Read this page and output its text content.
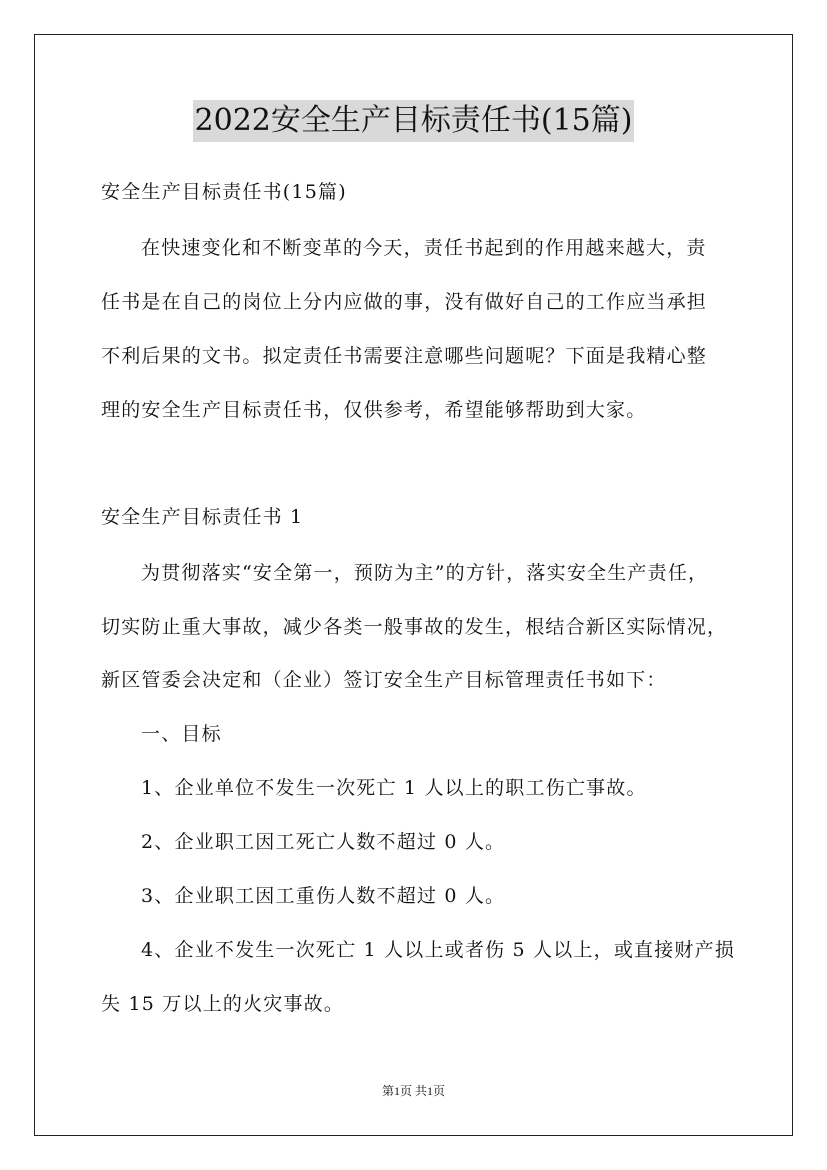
2022安全生产目标责任书(15篇)
安全生产目标责任书(15篇)
在快速变化和不断变革的今天，责任书起到的作用越来越大，责
任书是在自己的岗位上分内应做的事，没有做好自己的工作应当承担
不利后果的文书。拟定责任书需要注意哪些问题呢？下面是我精心整
理的安全生产目标责任书，仅供参考，希望能够帮助到大家。
安全生产目标责任书 1
为贯彻落实“安全第一，预防为主”的方针，落实安全生产责任，
切实防止重大事故，减少各类一般事故的发生，根结合新区实际情况，
新区管委会决定和（企业）签订安全生产目标管理责任书如下：
一、目标
1、企业单位不发生一次死亡 1 人以上的职工伤亡事故。
2、企业职工因工死亡人数不超过 0 人。
3、企业职工因工重伤人数不超过 0 人。
4、企业不发生一次死亡 1 人以上或者伤 5 人以上，或直接财产损
失 15 万以上的火灾事故。
第1页 共1页
